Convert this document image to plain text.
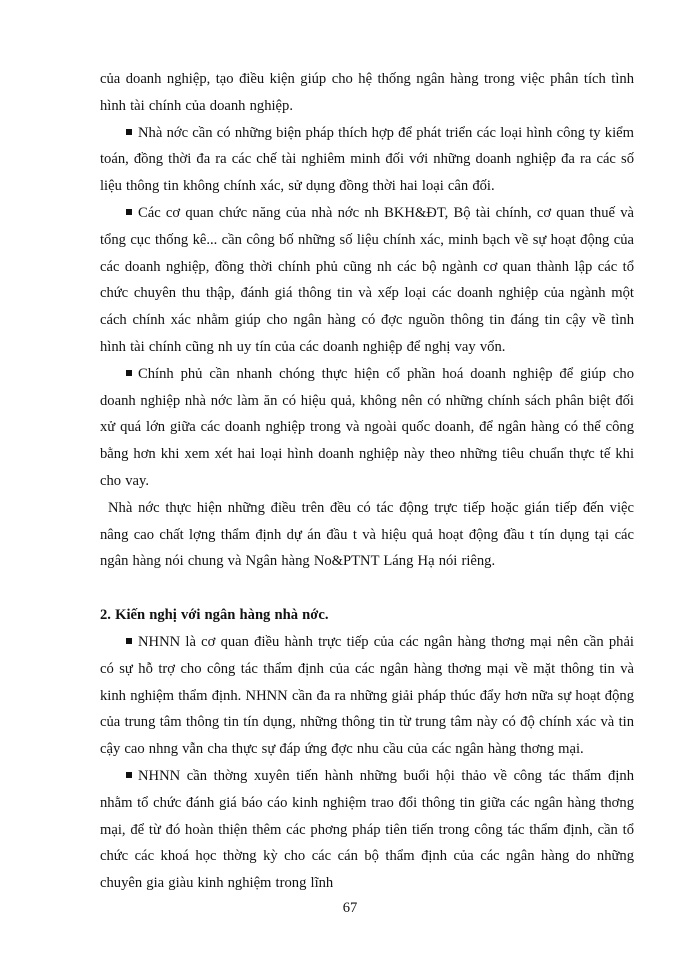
của doanh nghiệp, tạo điều kiện giúp cho hệ thống ngân hàng trong việc phân tích tình hình tài chính của doanh nghiệp.

Nhà nớc cần có những biện pháp thích hợp để phát triển các loại hình công ty kiểm toán, đồng thời đa ra các chế tài nghiêm minh đối với những doanh nghiệp đa ra các số liệu thông tin không chính xác, sử dụng đồng thời hai loại cân đối.

Các cơ quan chức năng của nhà nớc nh BKH&ĐT, Bộ tài chính, cơ quan thuế và tổng cục thống kê... cần công bố những số liệu chính xác, minh bạch về sự hoạt động của các doanh nghiệp, đồng thời chính phủ cũng nh các bộ ngành cơ quan thành lập các tổ chức chuyên thu thập, đánh giá thông tin và xếp loại các doanh nghiệp của ngành một cách chính xác nhằm giúp cho ngân hàng có đợc nguồn thông tin đáng tin cậy về tình hình tài chính cũng nh uy tín của các doanh nghiệp để nghị vay vốn.

Chính phủ cần nhanh chóng thực hiện cổ phần hoá doanh nghiệp để giúp cho doanh nghiệp nhà nớc làm ăn có hiệu quả, không nên có những chính sách phân biệt đối xử quá lớn giữa các doanh nghiệp trong và ngoài quốc doanh, để ngân hàng có thể công bằng hơn khi xem xét hai loại hình doanh nghiệp này theo những tiêu chuẩn thực tế khi cho vay.

Nhà nớc thực hiện những điều trên đều có tác động trực tiếp hoặc gián tiếp đến việc nâng cao chất lợng thẩm định dự án đầu t và hiệu quả hoạt động đầu t tín dụng tại các ngân hàng nói chung và Ngân hàng No&PTNT Láng Hạ nói riêng.

2. Kiến nghị với ngân hàng nhà nớc.

NHNN là cơ quan điều hành trực tiếp của các ngân hàng thơng mại nên cần phải có sự hỗ trợ cho công tác thẩm định của các ngân hàng thơng mại về mặt thông tin và kinh nghiệm thẩm định. NHNN cần đa ra những giải pháp thúc đẩy hơn nữa sự hoạt động của trung tâm thông tin tín dụng, những thông tin từ trung tâm này có độ chính xác và tin cậy cao nhng vẫn cha thực sự đáp ứng đợc nhu cầu của các ngân hàng thơng mại.

NHNN cần thờng xuyên tiến hành những buổi hội thảo về công tác thẩm định nhằm tổ chức đánh giá báo cáo kinh nghiệm trao đổi thông tin giữa các ngân hàng thơng mại, để từ đó hoàn thiện thêm các phơng pháp tiên tiến trong công tác thẩm định, cần tổ chức các khoá học thờng kỳ cho các cán bộ thẩm định của các ngân hàng do những chuyên gia giàu kinh nghiệm trong lĩnh

67
